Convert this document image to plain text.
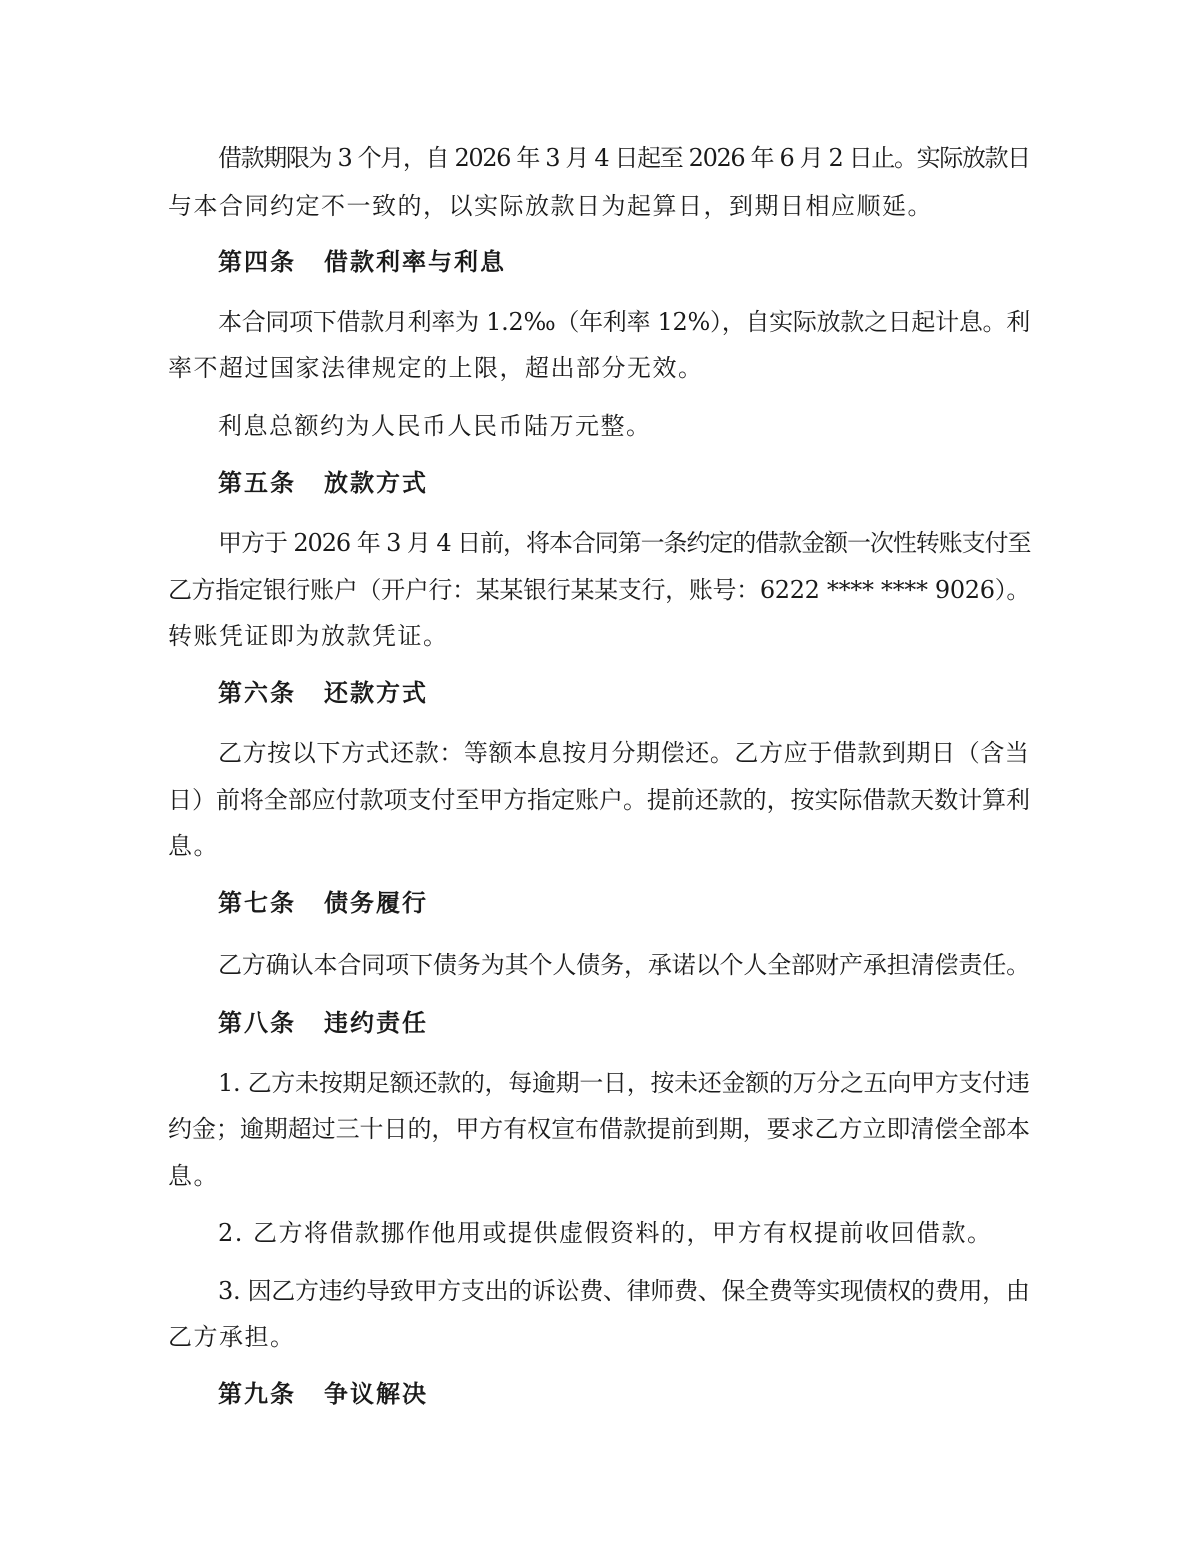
借款期限为 3 个月，自 2026 年 3 月 4 日起至 2026 年 6 月 2 日止。实际放款日
与本合同约定不一致的，以实际放款日为起算日，到期日相应顺延。
第四条 借款利率与利息
本合同项下借款月利率为 1.2‰（年利率 12%），自实际放款之日起计息。利
率不超过国家法律规定的上限，超出部分无效。
利息总额约为人民币人民币陆万元整。
第五条 放款方式
甲方于 2026 年 3 月 4 日前，将本合同第一条约定的借款金额一次性转账支付至
乙方指定银行账户（开户行：某某银行某某支行，账号：6222 **** **** 9026）。
转账凭证即为放款凭证。
第六条 还款方式
乙方按以下方式还款：等额本息按月分期偿还。乙方应于借款到期日（含当
日）前将全部应付款项支付至甲方指定账户。提前还款的，按实际借款天数计算利
息。
第七条 债务履行
乙方确认本合同项下债务为其个人债务，承诺以个人全部财产承担清偿责任。
第八条 违约责任
1. 乙方未按期足额还款的，每逾期一日，按未还金额的万分之五向甲方支付违
约金；逾期超过三十日的，甲方有权宣布借款提前到期，要求乙方立即清偿全部本
息。
2. 乙方将借款挪作他用或提供虚假资料的，甲方有权提前收回借款。
3. 因乙方违约导致甲方支出的诉讼费、律师费、保全费等实现债权的费用，由
乙方承担。
第九条 争议解决
